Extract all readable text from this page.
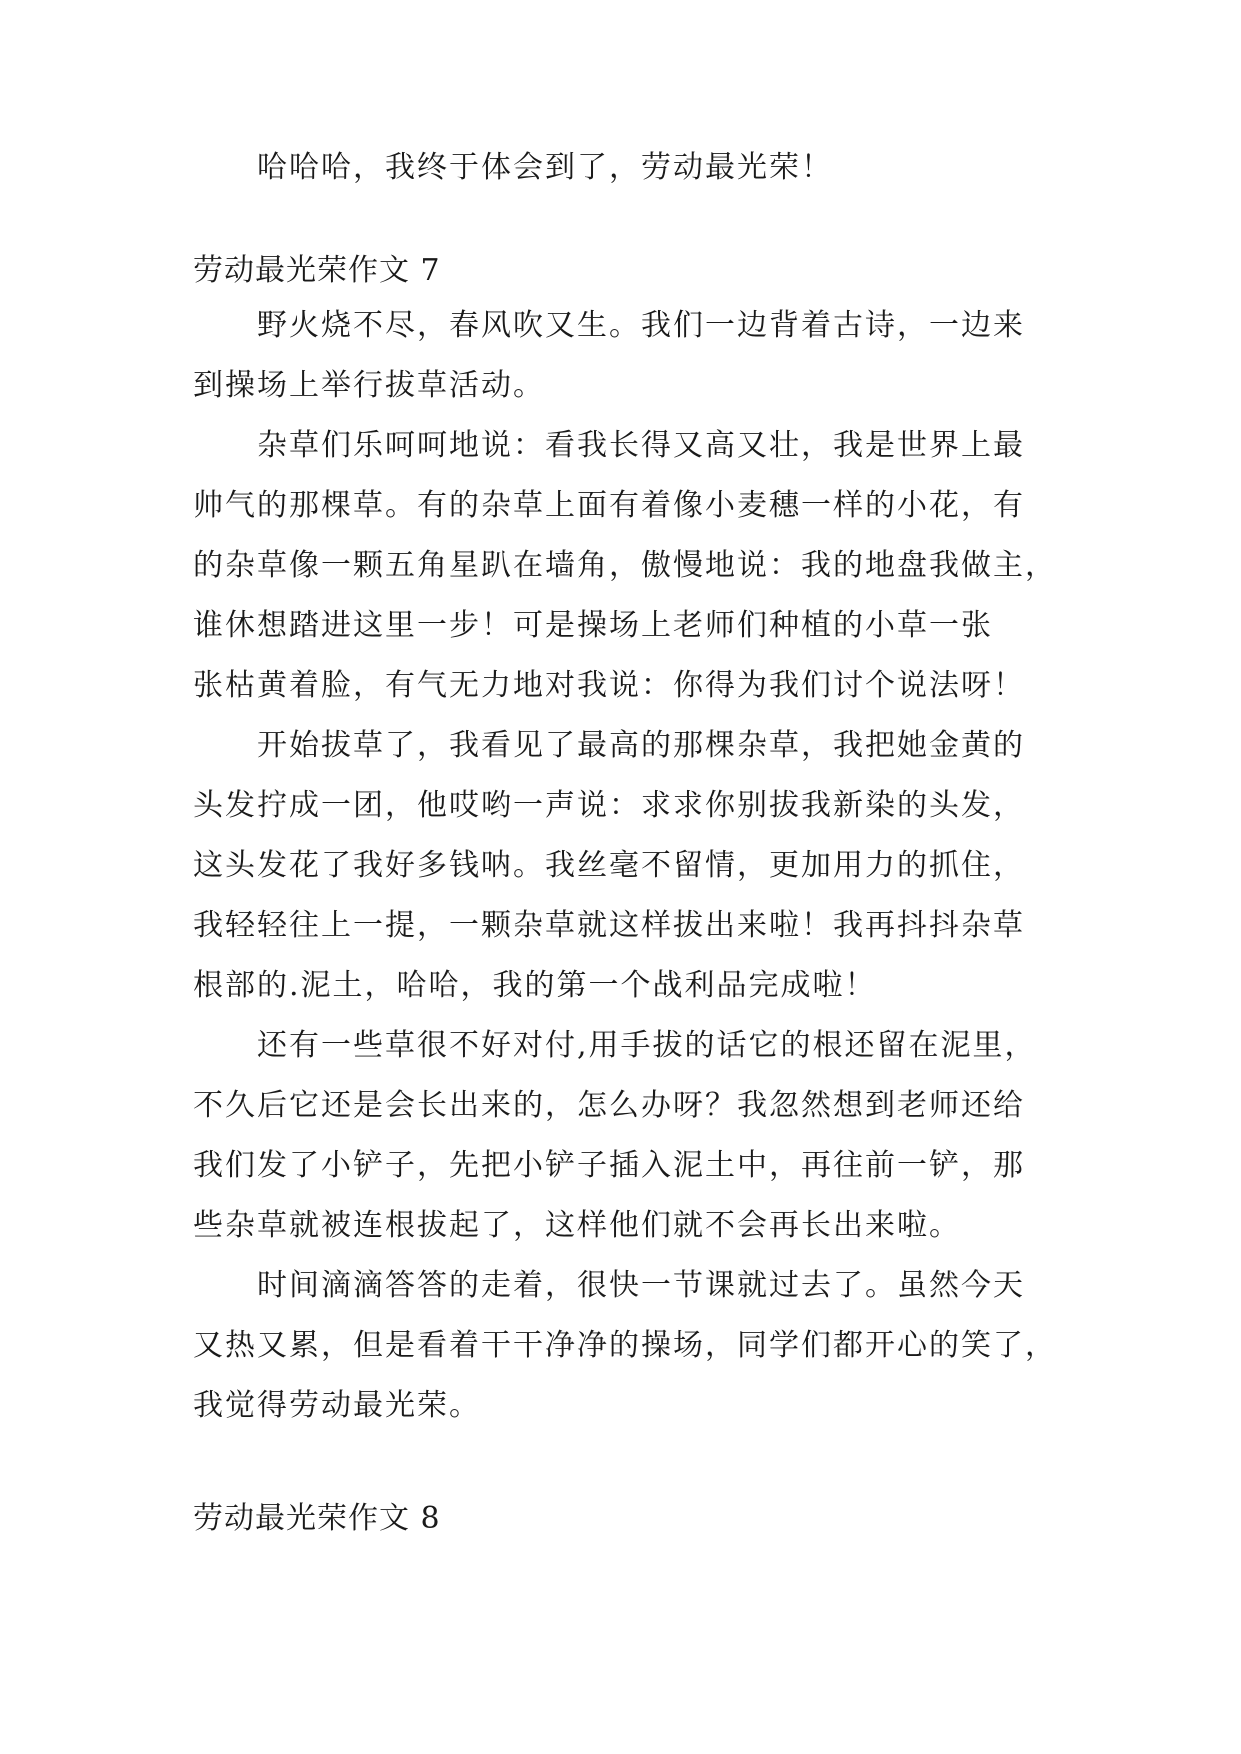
哈哈哈，我终于体会到了，劳动最光荣！
劳动最光荣作文 7
野火烧不尽，春风吹又生。我们一边背着古诗，一边来
到操场上举行拔草活动。
杂草们乐呵呵地说：看我长得又高又壮，我是世界上最
帅气的那棵草。有的杂草上面有着像小麦穗一样的小花，有
的杂草像一颗五角星趴在墙角，傲慢地说：我的地盘我做主，
谁休想踏进这里一步！可是操场上老师们种植的小草一张
张枯黄着脸，有气无力地对我说：你得为我们讨个说法呀！
开始拔草了，我看见了最高的那棵杂草，我把她金黄的
头发拧成一团，他哎哟一声说：求求你别拔我新染的头发，
这头发花了我好多钱呐。我丝毫不留情，更加用力的抓住，
我轻轻往上一提，一颗杂草就这样拔出来啦！我再抖抖杂草
根部的.泥土，哈哈，我的第一个战利品完成啦！
还有一些草很不好对付,用手拔的话它的根还留在泥里，
不久后它还是会长出来的，怎么办呀？我忽然想到老师还给
我们发了小铲子，先把小铲子插入泥土中，再往前一铲，那
些杂草就被连根拔起了，这样他们就不会再长出来啦。
时间滴滴答答的走着，很快一节课就过去了。虽然今天
又热又累，但是看着干干净净的操场，同学们都开心的笑了，
我觉得劳动最光荣。
劳动最光荣作文 8
